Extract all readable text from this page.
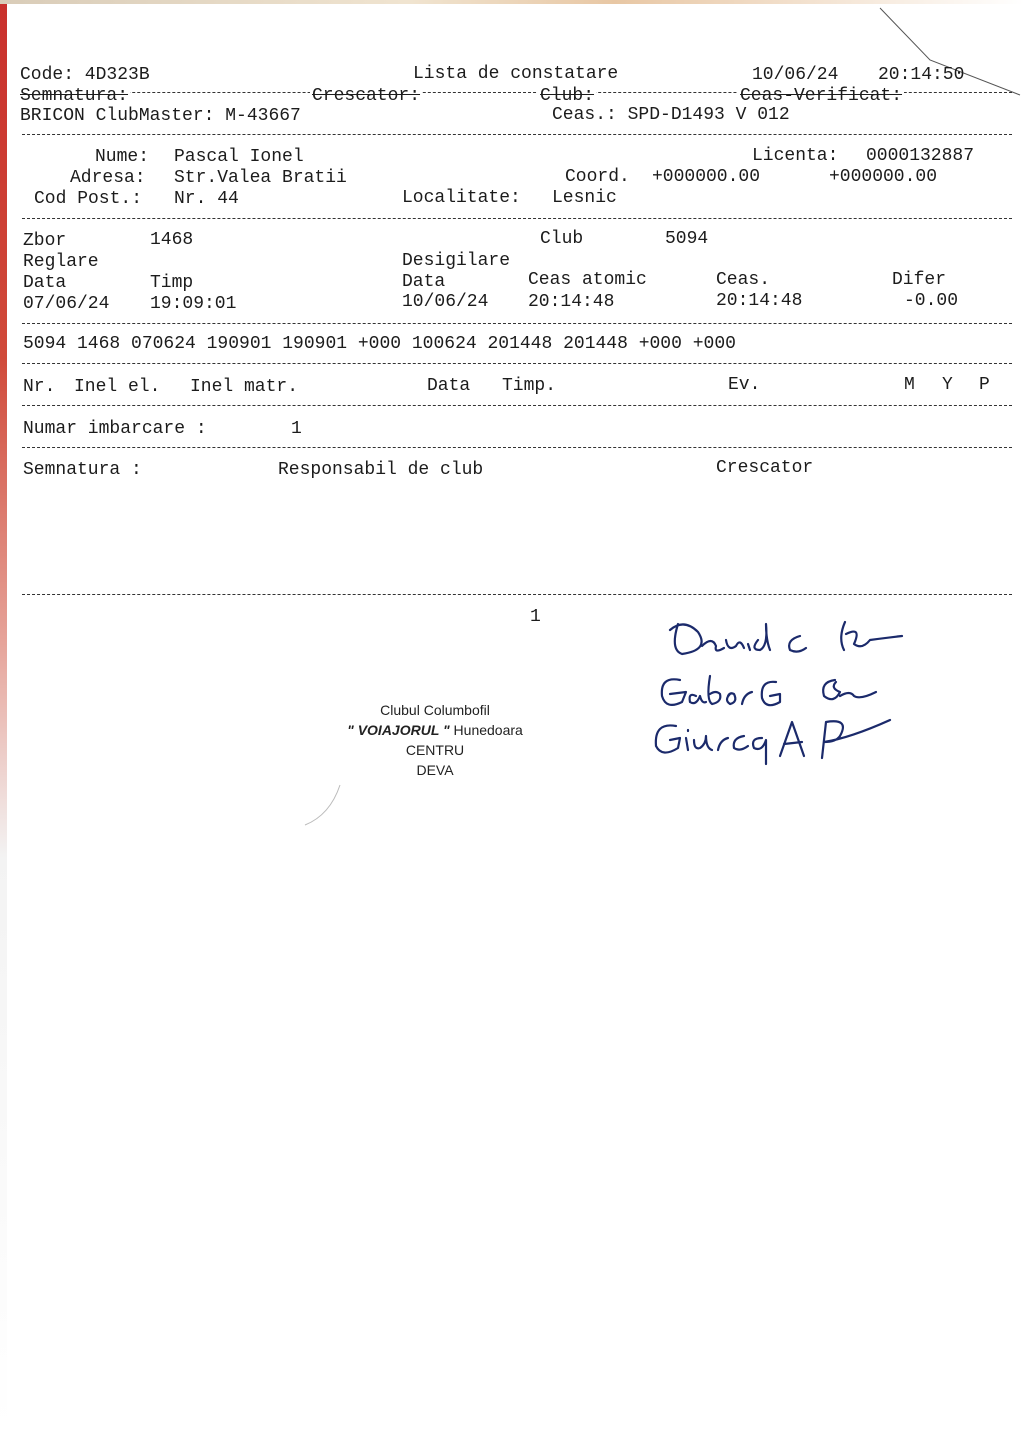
Code: 4D323B	Lista de constatare	10/06/24 20:14:50
Semnatura:	Crescator:	Club:	Ceas-Verificat:
BRICON ClubMaster: M-43667	Ceas.: SPD-D1493 V 012
Nume: Pascal Ionel	Licenta: 0000132887
Adresa: Str.Valea Bratii	Coord. +000000.00	+000000.00
Cod Post.: Nr. 44	Localitate: Lesnic
Zbor	1468	Club	5094
Reglare	Desigilare
Data	Timp	Data	Ceas atomic	Ceas.	Difer
07/06/24 19:09:01	10/06/24 20:14:48	20:14:48	-0.00
5094 1468 070624 190901 190901 +000 100624 201448 201448 +000 +000
Nr. Inel el. Inel matr.	Data Timp.	Ev.	M Y P
Numar imbarcare :	1
Semnatura :	Responsabil de club	Crescator
1
Clubul Columbofil
" VOIAJORUL " Hunedoara
CENTRU
DEVA
